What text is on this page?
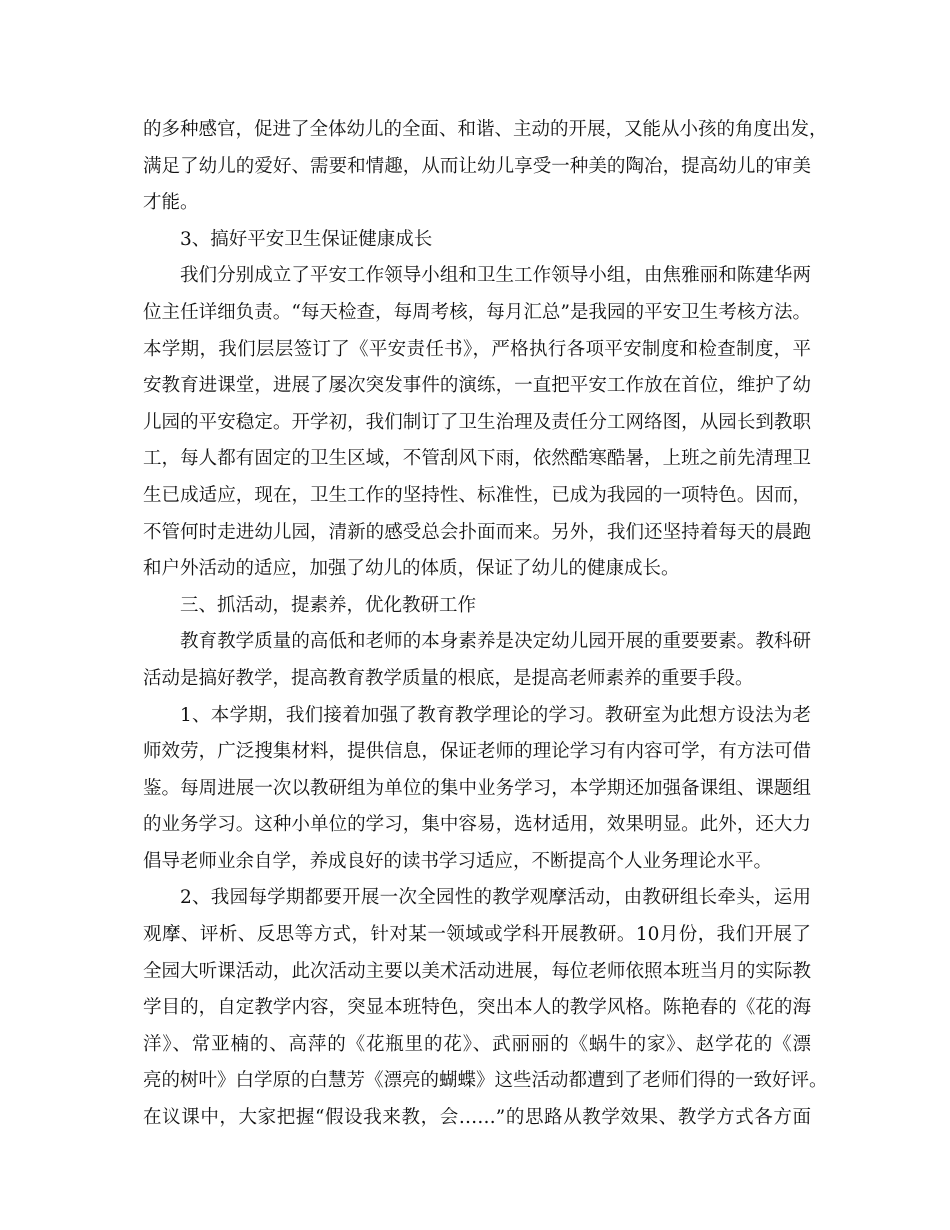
的多种感官，促进了全体幼儿的全面、和谐、主动的开展，又能从小孩的角度出发，
满足了幼儿的爱好、需要和情趣，从而让幼儿享受一种美的陶冶，提高幼儿的审美
才能。
3、搞好平安卫生保证健康成长
我们分别成立了平安工作领导小组和卫生工作领导小组，由焦雅丽和陈建华两
位主任详细负责。“每天检查，每周考核，每月汇总”是我园的平安卫生考核方法。
本学期，我们层层签订了《平安责任书》，严格执行各项平安制度和检查制度，平
安教育进课堂，进展了屡次突发事件的演练，一直把平安工作放在首位，维护了幼
儿园的平安稳定。开学初，我们制订了卫生治理及责任分工网络图，从园长到教职
工，每人都有固定的卫生区域，不管刮风下雨，依然酷寒酷暑，上班之前先清理卫
生已成适应，现在，卫生工作的坚持性、标准性，已成为我园的一项特色。因而，
不管何时走进幼儿园，清新的感受总会扑面而来。另外，我们还坚持着每天的晨跑
和户外活动的适应，加强了幼儿的体质，保证了幼儿的健康成长。
三、抓活动，提素养，优化教研工作
教育教学质量的高低和老师的本身素养是决定幼儿园开展的重要要素。教科研
活动是搞好教学，提高教育教学质量的根底，是提高老师素养的重要手段。
1、本学期，我们接着加强了教育教学理论的学习。教研室为此想方设法为老
师效劳，广泛搜集材料，提供信息，保证老师的理论学习有内容可学，有方法可借
鉴。每周进展一次以教研组为单位的集中业务学习，本学期还加强备课组、课题组
的业务学习。这种小单位的学习，集中容易，选材适用，效果明显。此外，还大力
倡导老师业余自学，养成良好的读书学习适应，不断提高个人业务理论水平。
2、我园每学期都要开展一次全园性的教学观摩活动，由教研组长牵头，运用
观摩、评析、反思等方式，针对某一领域或学科开展教研。10月份，我们开展了
全园大听课活动，此次活动主要以美术活动进展，每位老师依照本班当月的实际教
学目的，自定教学内容，突显本班特色，突出本人的教学风格。陈艳春的《花的海
洋》、常亚楠的、高萍的《花瓶里的花》、武丽丽的《蜗牛的家》、赵学花的《漂
亮的树叶》白学原的白慧芳《漂亮的蝴蝶》这些活动都遭到了老师们得的一致好评。
在议课中，大家把握“假设我来教，会……”的思路从教学效果、教学方式各方面
